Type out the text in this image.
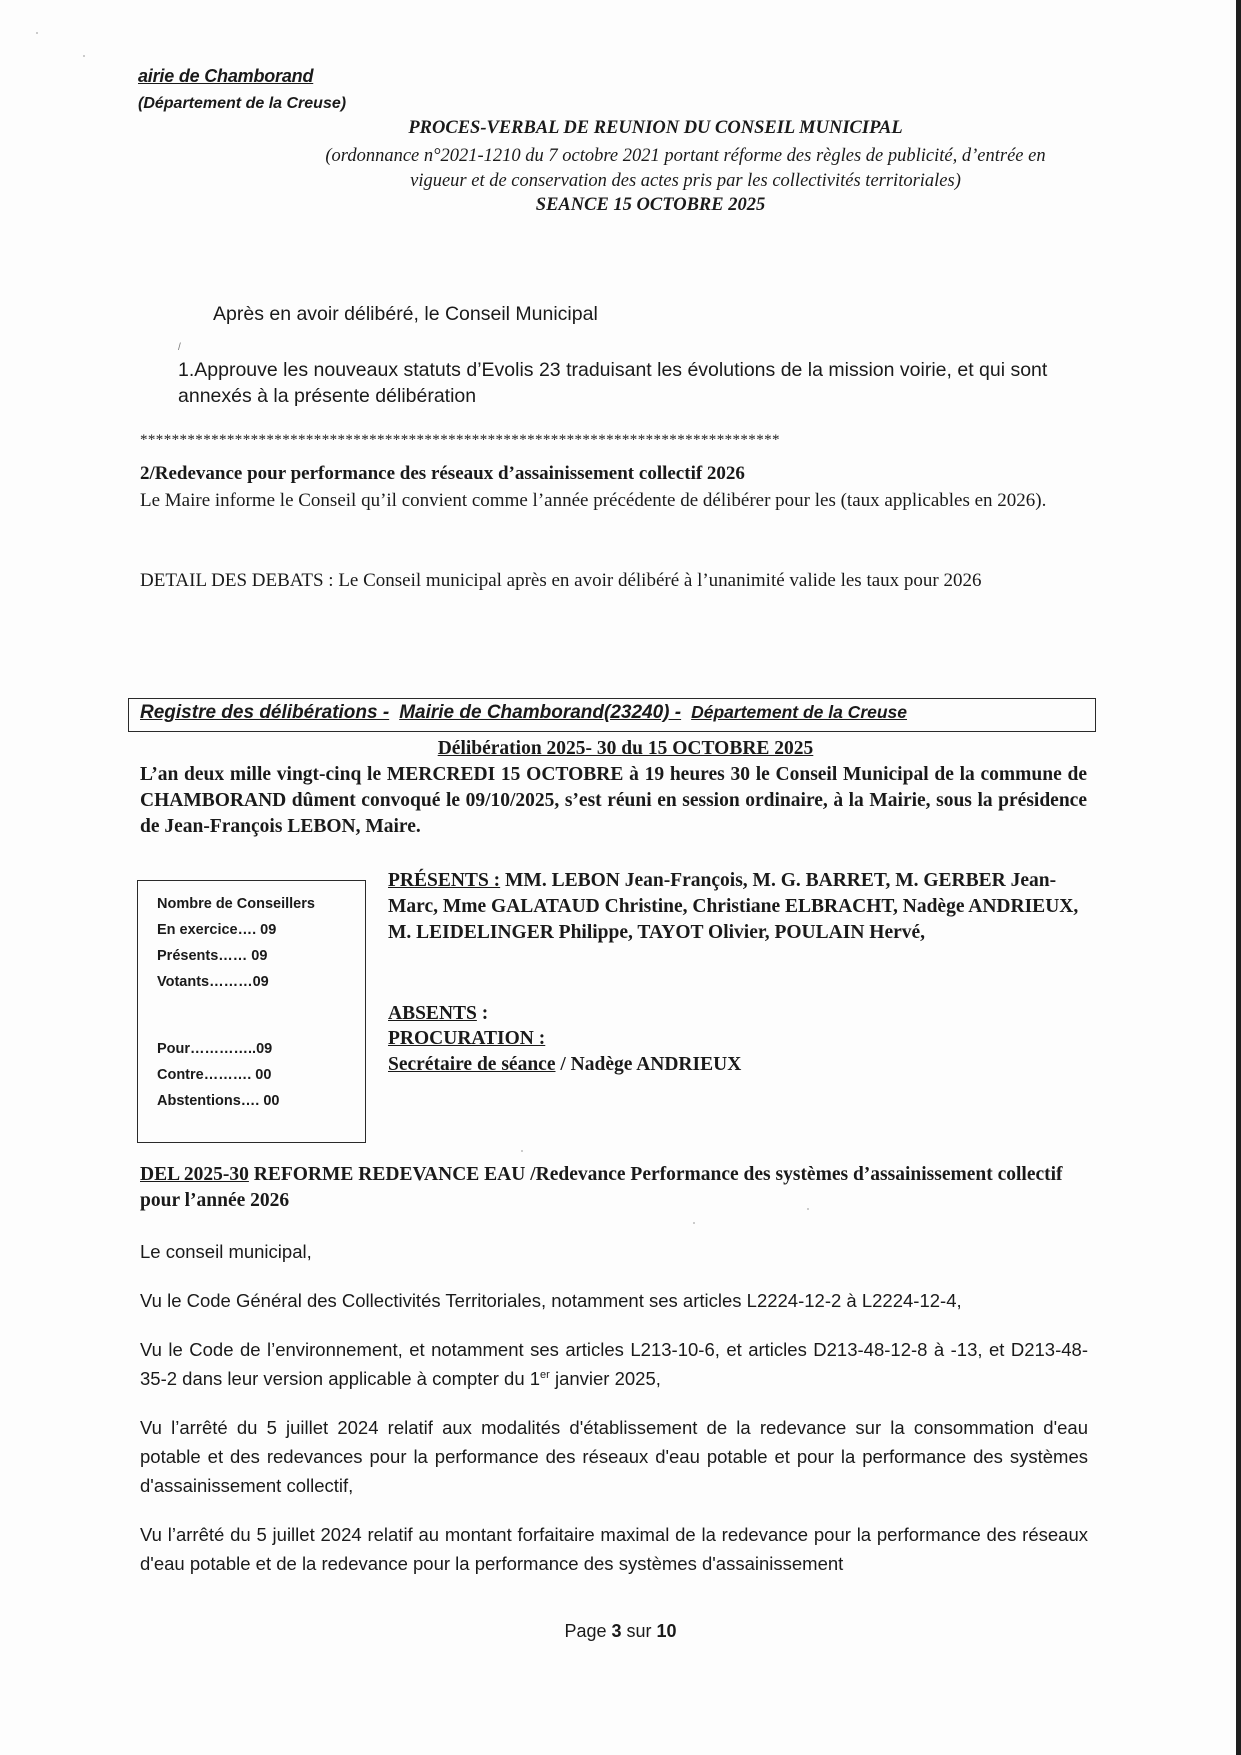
airie de Chamborand

(Département de la Creuse)

PROCES-VERBAL DE REUNION DU CONSEIL MUNICIPAL

(ordonnance n°2021-1210 du 7 octobre 2021 portant réforme des règles de publicité, d’entrée en
vigueur et de conservation des actes pris par les collectivités territoriales)

SEANCE 15 OCTOBRE 2025

Après en avoir délibéré, le Conseil Municipal

/

1.Approuve les nouveaux statuts d’Evolis 23 traduisant les évolutions de la mission voirie, et qui sont annexés à la présente délibération

*********************************************************************************

2/Redevance pour performance des réseaux d’assainissement collectif 2026

Le Maire informe le Conseil qu’il convient comme l’année précédente de délibérer pour les (taux applicables en 2026).

DETAIL DES DEBATS : Le Conseil municipal après en avoir délibéré à l’unanimité valide les taux pour 2026

Registre des délibérations - Mairie de Chamborand(23240) - Département de la Creuse

Délibération 2025- 30 du 15 OCTOBRE 2025

L’an deux mille vingt-cinq le MERCREDI 15 OCTOBRE à 19 heures 30 le Conseil Municipal de la commune de CHAMBORAND dûment convoqué le 09/10/2025, s’est réuni en session ordinaire, à la Mairie, sous la présidence de Jean-François LEBON, Maire.

Nombre de Conseillers
En exercice…. 09
Présents…… 09
Votants………09
Pour…………..09
Contre………. 00
Abstentions…. 00

PRÉSENTS : MM. LEBON Jean-François, M. G. BARRET, M. GERBER Jean-Marc, Mme GALATAUD Christine, Christiane ELBRACHT, Nadège ANDRIEUX, M. LEIDELINGER Philippe, TAYOT Olivier, POULAIN Hervé,

ABSENTS :

PROCURATION :

Secrétaire de séance / Nadège ANDRIEUX

DEL 2025-30 REFORME REDEVANCE EAU /Redevance Performance des systèmes d’assainissement collectif pour l’année 2026

Le conseil municipal,

Vu le Code Général des Collectivités Territoriales, notamment ses articles L2224-12-2 à L2224-12-4,

Vu le Code de l’environnement, et notamment ses articles L213-10-6, et articles D213-48-12-8 à -13, et D213-48-35-2 dans leur version applicable à compter du 1er janvier 2025,

Vu l’arrêté du 5 juillet 2024 relatif aux modalités d'établissement de la redevance sur la consommation d'eau potable et des redevances pour la performance des réseaux d'eau potable et pour la performance des systèmes d'assainissement collectif,

Vu l’arrêté du 5 juillet 2024 relatif au montant forfaitaire maximal de la redevance pour la performance des réseaux d'eau potable et de la redevance pour la performance des systèmes d'assainissement

Page 3 sur 10
